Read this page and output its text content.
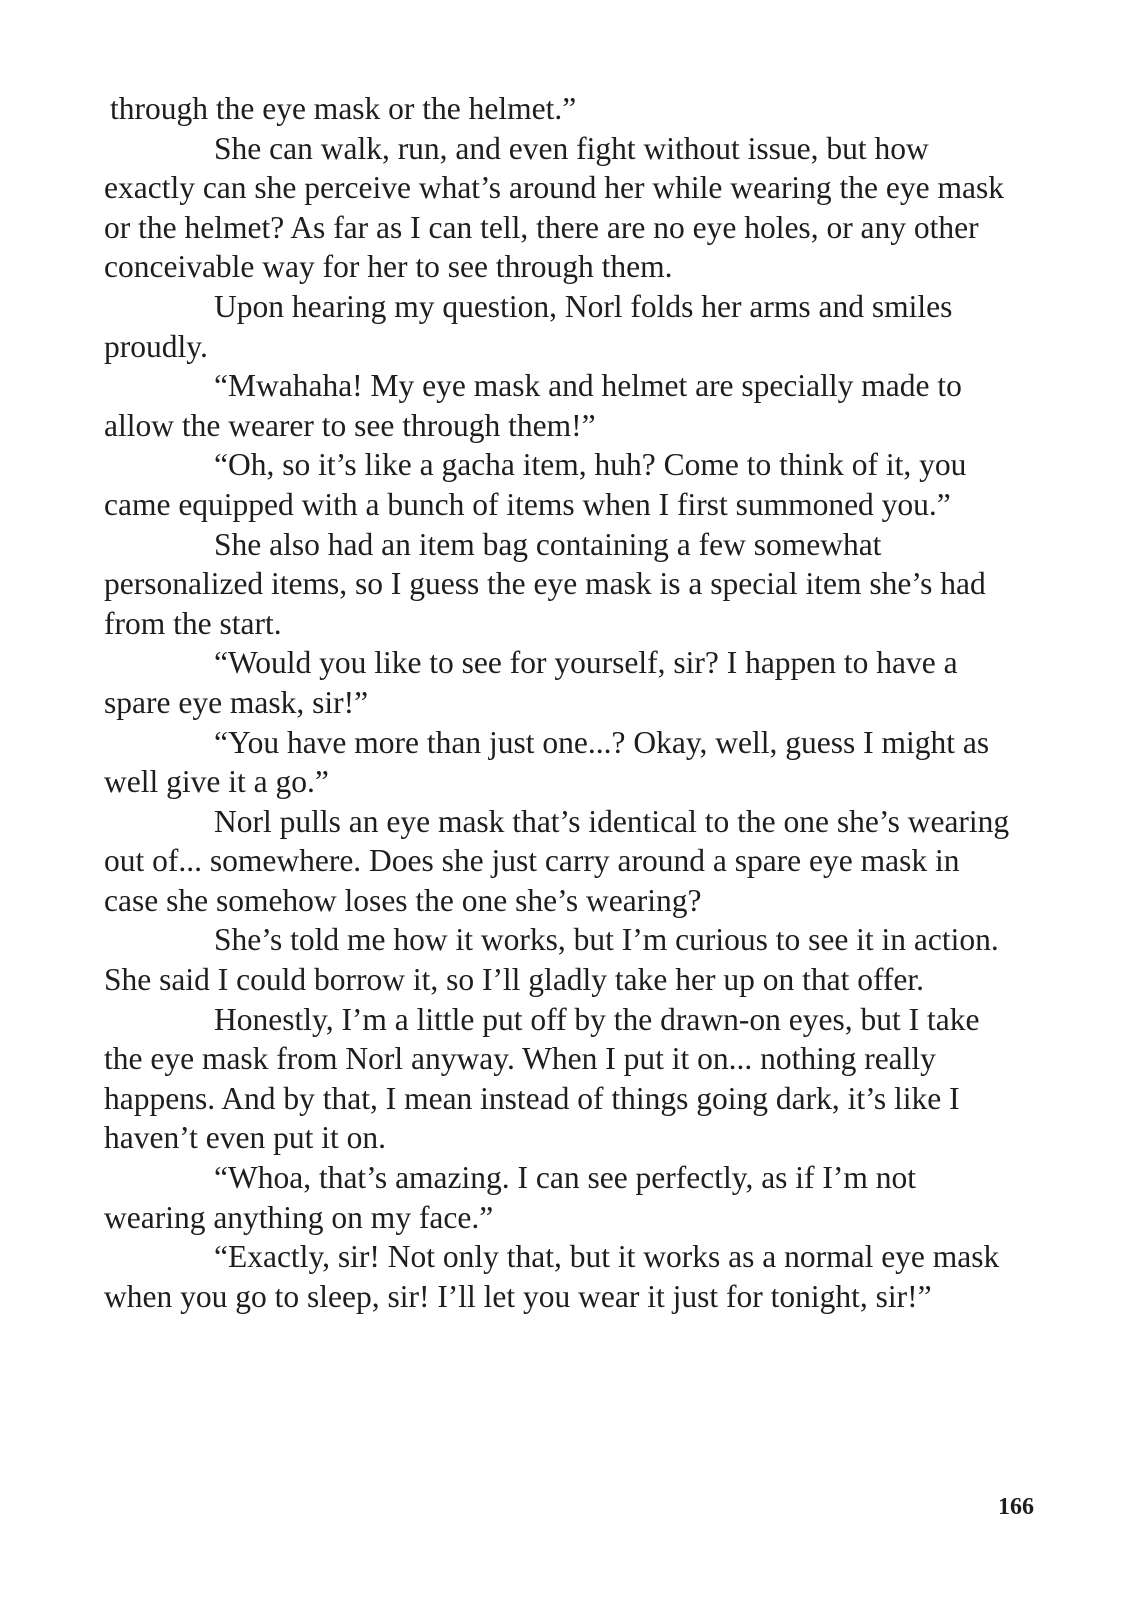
through the eye mask or the helmet.”

She can walk, run, and even fight without issue, but how exactly can she perceive what’s around her while wearing the eye mask or the helmet? As far as I can tell, there are no eye holes, or any other conceivable way for her to see through them.

Upon hearing my question, Norl folds her arms and smiles proudly.

“Mwahaha! My eye mask and helmet are specially made to allow the wearer to see through them!”

“Oh, so it’s like a gacha item, huh? Come to think of it, you came equipped with a bunch of items when I first summoned you.”

She also had an item bag containing a few somewhat personalized items, so I guess the eye mask is a special item she’s had from the start.

“Would you like to see for yourself, sir? I happen to have a spare eye mask, sir!”

“You have more than just one...? Okay, well, guess I might as well give it a go.”

Norl pulls an eye mask that’s identical to the one she’s wearing out of... somewhere. Does she just carry around a spare eye mask in case she somehow loses the one she’s wearing?

She’s told me how it works, but I’m curious to see it in action. She said I could borrow it, so I’ll gladly take her up on that offer.

Honestly, I’m a little put off by the drawn-on eyes, but I take the eye mask from Norl anyway. When I put it on... nothing really happens. And by that, I mean instead of things going dark, it’s like I haven’t even put it on.

“Whoa, that’s amazing. I can see perfectly, as if I’m not wearing anything on my face.”

“Exactly, sir! Not only that, but it works as a normal eye mask when you go to sleep, sir! I’ll let you wear it just for tonight, sir!”

166
